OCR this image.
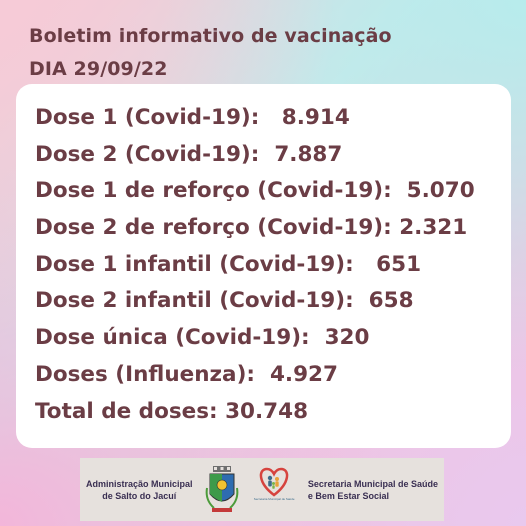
Boletim informativo de vacinação
DIA 29/09/22
Dose 1 (Covid-19):   8.914
Dose 2 (Covid-19):  7.887
Dose 1 de reforço (Covid-19):  5.070
Dose 2 de reforço (Covid-19): 2.321
Dose 1 infantil (Covid-19):   651
Dose 2 infantil (Covid-19):  658
Dose única (Covid-19):  320
Doses (Influenza):  4.927
Total de doses: 30.748
Administração Municipal
de Salto do Jacuí	Secretaria Municipal de Saúde
Secretaria Municipal de Saúde
e Bem Estar Social
